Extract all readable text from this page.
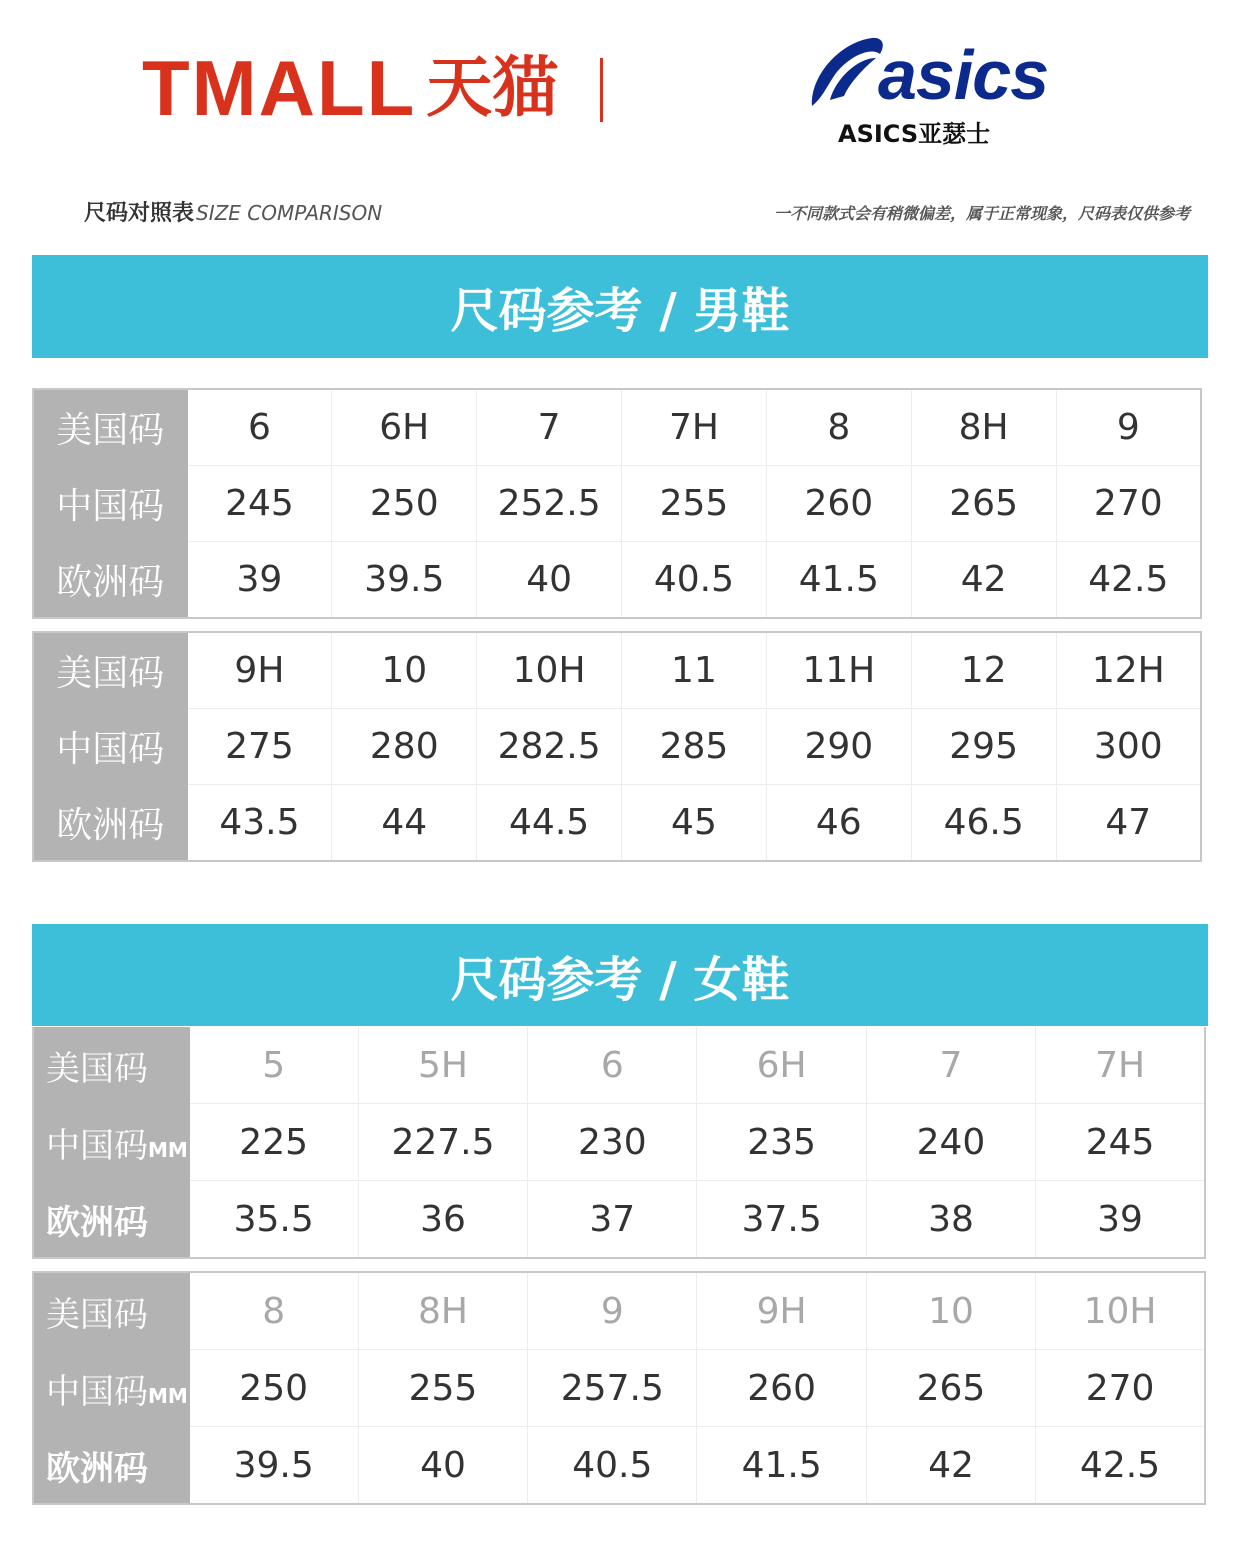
TMALL 天猫	asics
ASICS亚瑟士
尺码对照表 SIZE COMPARISON	一不同款式会有稍微偏差，属于正常现象，尺码表仅供参考
尺码参考 / 男鞋
美国码	6	6H	7	7H	8	8H	9
中国码	245	250	252.5	255	260	265	270
欧洲码	39	39.5	40	40.5	41.5	42	42.5
美国码	9H	10	10H	11	11H	12	12H
中国码	275	280	282.5	285	290	295	300
欧洲码	43.5	44	44.5	45	46	46.5	47
尺码参考 / 女鞋
美国码	5	5H	6	6H	7	7H
中国码MM	225	227.5	230	235	240	245
欧洲码	35.5	36	37	37.5	38	39
美国码	8	8H	9	9H	10	10H
中国码MM	250	255	257.5	260	265	270
欧洲码	39.5	40	40.5	41.5	42	42.5
